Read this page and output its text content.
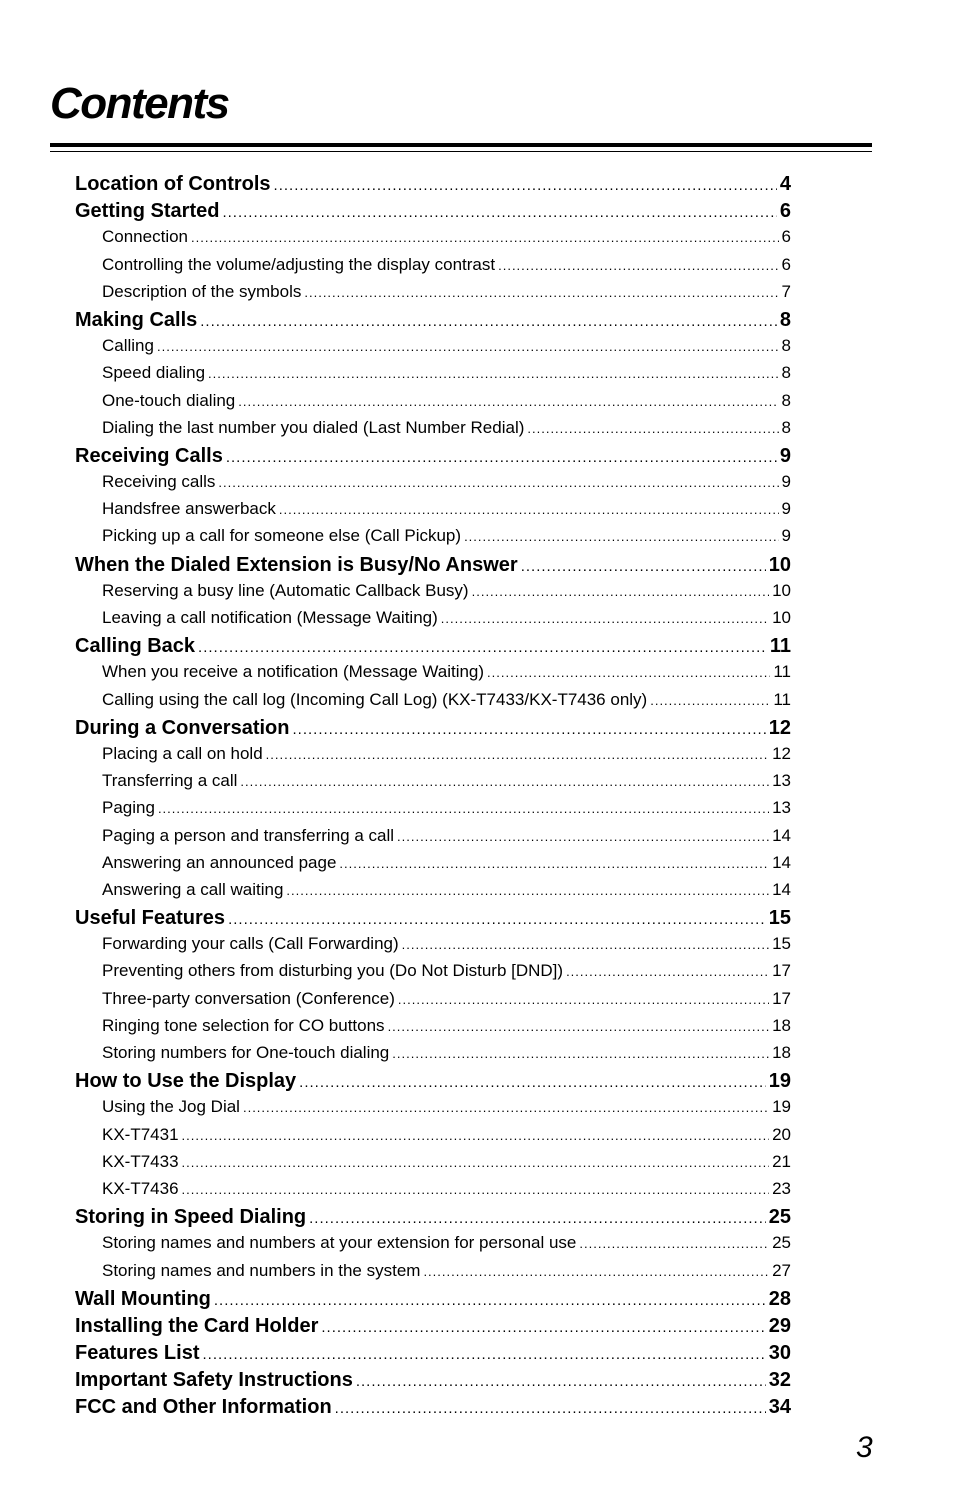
Contents
Location of Controls .....	4
Getting Started .....	6
Connection .....	6
Controlling the volume/adjusting the display contrast .....	6
Description of the symbols .....	7
Making Calls .....	8
Calling .....	8
Speed dialing .....	8
One-touch dialing .....	8
Dialing the last number you dialed (Last Number Redial) .....	8
Receiving Calls .....	9
Receiving calls .....	9
Handsfree answerback .....	9
Picking up a call for someone else (Call Pickup) .....	9
When the Dialed Extension is Busy/No Answer .....	10
Reserving a busy line (Automatic Callback Busy) .....	10
Leaving a call notification (Message Waiting) .....	10
Calling Back .....	11
When you receive a notification (Message Waiting) .....	11
Calling using the call log (Incoming Call Log) (KX-T7433/KX-T7436 only) .....	11
During a Conversation .....	12
Placing a call on hold .....	12
Transferring a call .....	13
Paging .....	13
Paging a person and transferring a call .....	14
Answering an announced page .....	14
Answering a call waiting .....	14
Useful Features .....	15
Forwarding your calls (Call Forwarding) .....	15
Preventing others from disturbing you (Do Not Disturb [DND]) .....	17
Three-party conversation (Conference) .....	17
Ringing tone selection for CO buttons .....	18
Storing numbers for One-touch dialing .....	18
How to Use the Display .....	19
Using the Jog Dial .....	19
KX-T7431 .....	20
KX-T7433 .....	21
KX-T7436 .....	23
Storing in Speed Dialing .....	25
Storing names and numbers at your extension for personal use .....	25
Storing names and numbers in the system .....	27
Wall Mounting .....	28
Installing the Card Holder .....	29
Features List .....	30
Important Safety Instructions .....	32
FCC and Other Information .....	34
3
